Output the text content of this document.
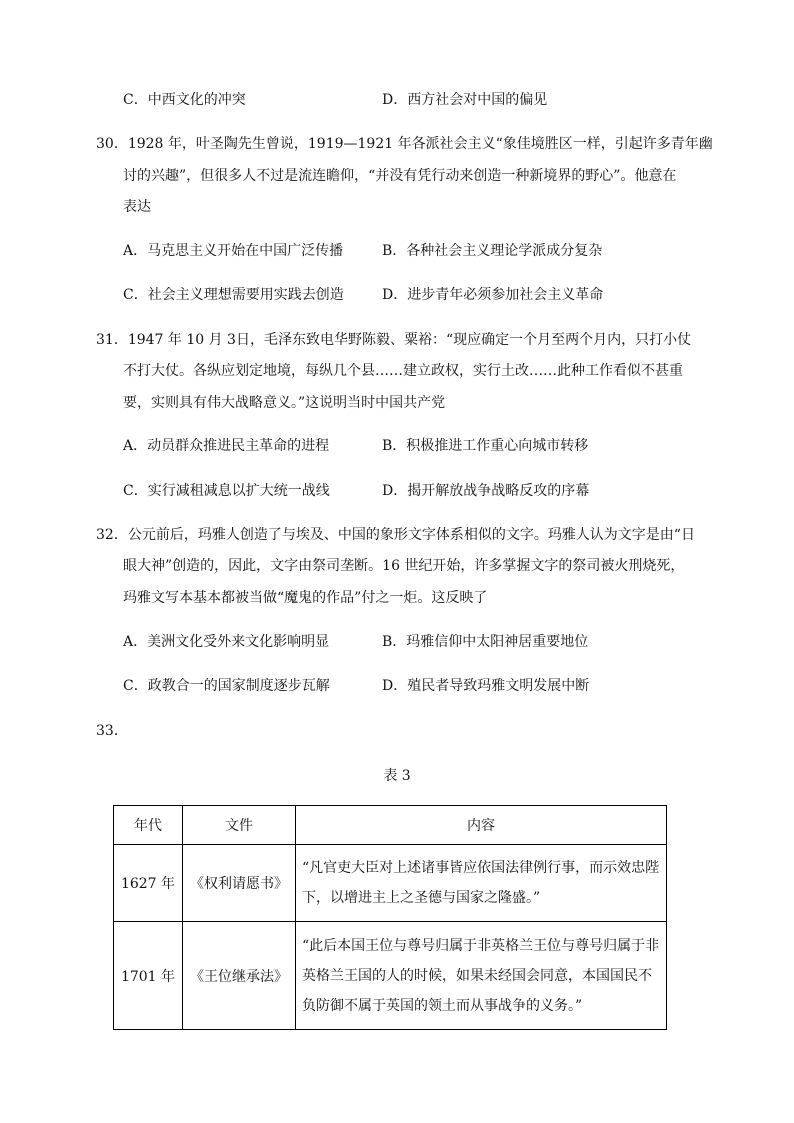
C．中西文化的冲突	D．西方社会对中国的偏见
30．1928 年，叶圣陶先生曾说，1919—1921 年各派社会主义“象佳境胜区一样，引起许多青年幽
讨的兴趣”，但很多人不过是流连瞻仰，“并没有凭行动来创造一种新境界的野心”。他意在
表达
A．马克思主义开始在中国广泛传播	B．各种社会主义理论学派成分复杂
C．社会主义理想需要用实践去创造	D．进步青年必须参加社会主义革命
31．1947 年 10 月 3日，毛泽东致电华野陈毅、粟裕：“现应确定一个月至两个月内，只打小仗
不打大仗。各纵应划定地境，每纵几个县……建立政权，实行土改……此种工作看似不甚重
要，实则具有伟大战略意义。”这说明当时中国共产党
A．动员群众推进民主革命的进程	B．积极推进工作重心向城市转移
C．实行减租减息以扩大统一战线	D．揭开解放战争战略反攻的序幕
32．公元前后，玛雅人创造了与埃及、中国的象形文字体系相似的文字。玛雅人认为文字是由“日
眼大神”创造的，因此，文字由祭司垄断。16 世纪开始，许多掌握文字的祭司被火刑烧死，
玛雅文写本基本都被当做“魔鬼的作品”付之一炬。这反映了
A．美洲文化受外来文化影响明显	B．玛雅信仰中太阳神居重要地位
C．政教合一的国家制度逐步瓦解	D．殖民者导致玛雅文明发展中断
33．
表 3
年代	文件	内容
1627 年	《权利请愿书》	“凡官吏大臣对上述诸事皆应依国法律例行事，而示效忠陛下，以增进主上之圣德与国家之隆盛。”
1701 年	《王位继承法》	“此后本国王位与尊号归属于非英格兰王位与尊号归属于非英格兰王国的人的时候，如果未经国会同意，本国国民不负防御不属于英国的领土而从事战争的义务。”
